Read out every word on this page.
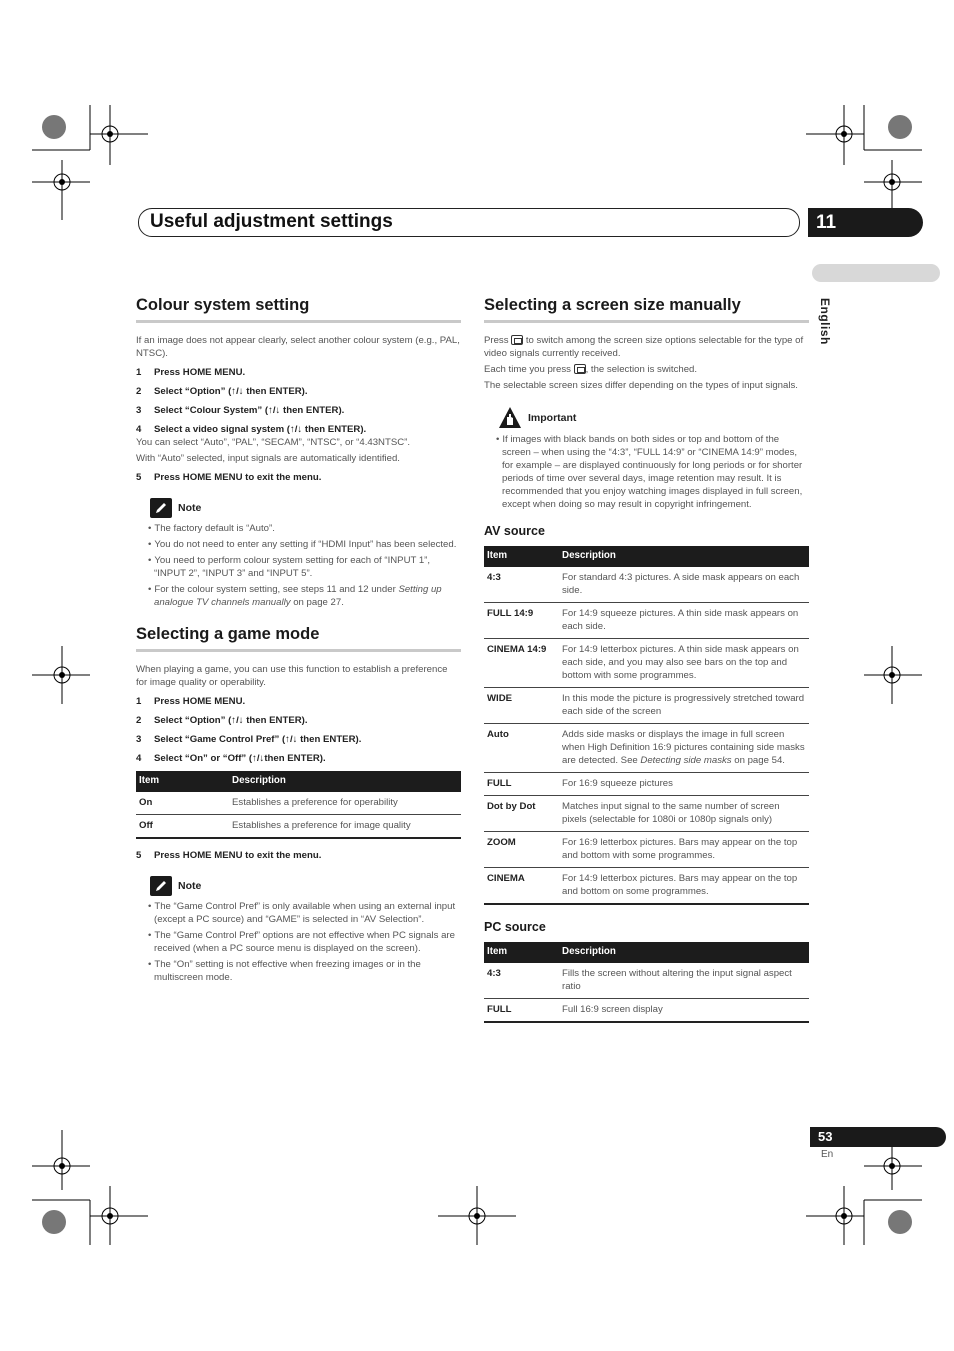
Useful adjustment settings	11
English
Colour system setting

If an image does not appear clearly, select another colour system (e.g., PAL, NTSC).

1	Press HOME MENU.
2	Select “Option” (↑/↓ then ENTER).
3	Select “Colour System” (↑/↓ then ENTER).
4	Select a video signal system (↑/↓ then ENTER).

You can select “Auto”, “PAL”, “SECAM”, “NTSC”, or “4.43NTSC”.

With “Auto” selected, input signals are automatically identified.

5	Press HOME MENU to exit the menu.
Note
• The factory default is “Auto”.
• You do not need to enter any setting if “HDMI Input” has been selected.
• You need to perform colour system setting for each of “INPUT 1”, “INPUT 2”, “INPUT 3” and “INPUT 5”.
• For the colour system setting, see steps 11 and 12 under Setting up analogue TV channels manually on page 27.
Selecting a game mode

When playing a game, you can use this function to establish a preference for image quality or operability.

1	Press HOME MENU.
2	Select “Option” (↑/↓ then ENTER).
3	Select “Game Control Pref” (↑/↓ then ENTER).
4	Select “On” or “Off” (↑/↓then ENTER).
Item	Description
On	Establishes a preference for operability
Off	Establishes a preference for image quality
5	Press HOME MENU to exit the menu.
Note
• The “Game Control Pref” is only available when using an external input (except a PC source) and “GAME” is selected in “AV Selection”.
• The “Game Control Pref” options are not effective when PC signals are received (when a PC source menu is displayed on the screen).
• The “On” setting is not effective when freezing images or in the multiscreen mode.
Selecting a screen size manually

Press  to switch among the screen size options selectable for the type of video signals currently received.

Each time you press , the selection is switched.

The selectable screen sizes differ depending on the types of input signals.

Important
• If images with black bands on both sides or top and bottom of the screen – when using the “4:3”, “FULL 14:9” or “CINEMA 14:9” modes, for example – are displayed continuously for long periods or for shorter periods of time over several days, image retention may result. It is recommended that you enjoy watching images displayed in full screen, except when doing so may result in copyright infringement.
AV source
Item	Description
4:3	For standard 4:3 pictures. A side mask appears on each side.
FULL 14:9	For 14:9 squeeze pictures. A thin side mask appears on each side.
CINEMA 14:9	For 14:9 letterbox pictures. A thin side mask appears on each side, and you may also see bars on the top and bottom with some programmes.
WIDE	In this mode the picture is progressively stretched toward each side of the screen
Auto	Adds side masks or displays the image in full screen when High Definition 16:9 pictures containing side masks are detected. See Detecting side masks on page 54.
FULL	For 16:9 squeeze pictures
Dot by Dot	Matches input signal to the same number of screen pixels (selectable for 1080i or 1080p signals only)
ZOOM	For 16:9 letterbox pictures. Bars may appear on the top and bottom with some programmes.
CINEMA	For 14:9 letterbox pictures. Bars may appear on the top and bottom on some programmes.
PC source
Item	Description
4:3	Fills the screen without altering the input signal aspect ratio
FULL	Full 16:9 screen display
53
En
